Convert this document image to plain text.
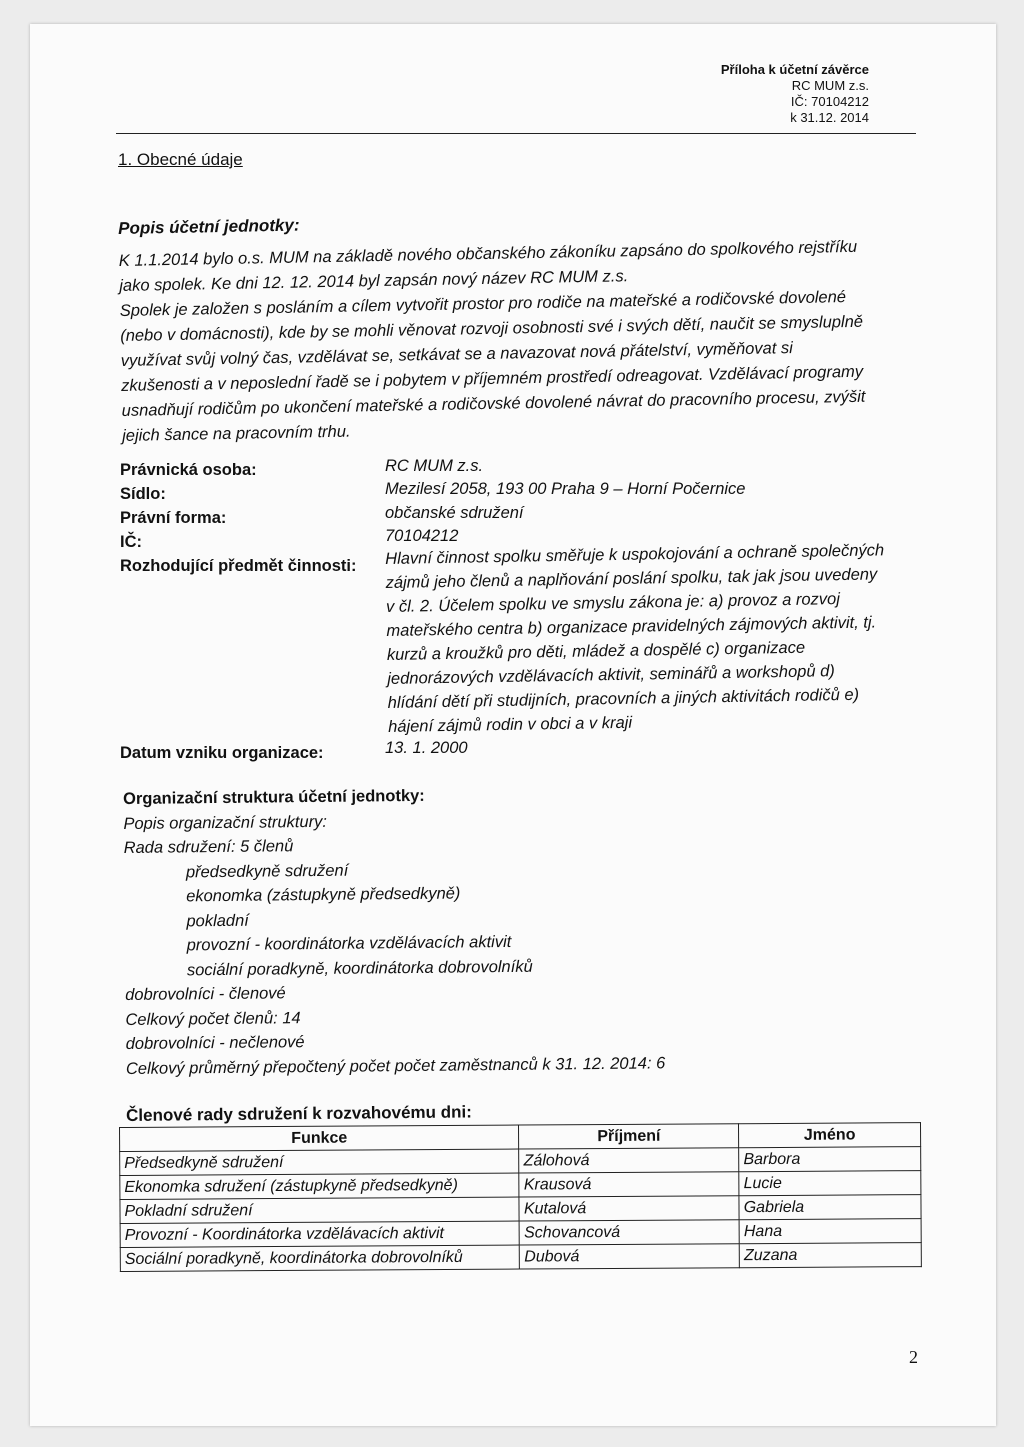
Příloha k účetní závěrce
RC MUM z.s.
IČ: 70104212
k 31.12. 2014
1. Obecné údaje

Popis účetní jednotky:

K 1.1.2014 bylo o.s. MUM na základě nového občanského zákoníku zapsáno do spolkového rejstříku
jako spolek. Ke dni 12. 12. 2014 byl zapsán nový název RC MUM z.s.
Spolek je založen s posláním a cílem vytvořit prostor pro rodiče na mateřské a rodičovské dovolené
(nebo v domácnosti), kde by se mohli věnovat rozvoji osobnosti své i svých dětí, naučit se smysluplně
využívat svůj volný čas, vzdělávat se, setkávat se a navazovat nová přátelství, vyměňovat si
zkušenosti a v neposlední řadě se i pobytem v příjemném prostředí odreagovat. Vzdělávací programy
usnadňují rodičům po ukončení mateřské a rodičovské dovolené návrat do pracovního procesu, zvýšit
jejich šance na pracovním trhu.
Právnická osoba:	RC MUM z.s.
Sídlo:	Mezilesí 2058, 193 00 Praha 9 – Horní Počernice
Právní forma:	občanské sdružení
IČ:	70104212
Rozhodující předmět činnosti: Hlavní činnost spolku směřuje k uspokojování a ochraně společných
zájmů jeho členů a naplňování poslání spolku, tak jak jsou uvedeny
v čl. 2. Účelem spolku ve smyslu zákona je: a) provoz a rozvoj
mateřského centra b) organizace pravidelných zájmových aktivit, tj.
kurzů a kroužků pro děti, mládež a dospělé c) organizace
jednorázových vzdělávacích aktivit, seminářů a workshopů d)
hlídání dětí při studijních, pracovních a jiných aktivitách rodičů e)
hájení zájmů rodin v obci a v kraji
Datum vzniku organizace:	13. 1. 2000
Organizační struktura účetní jednotky:
Popis organizační struktury:
Rada sdružení: 5 členů
předsedkyně sdružení
ekonomka (zástupkyně předsedkyně)
pokladní
provozní - koordinátorka vzdělávacích aktivit
sociální poradkyně, koordinátorka dobrovolníků
dobrovolníci - členové
Celkový počet členů: 14
dobrovolníci - nečlenové
Celkový průměrný přepočtený počet počet zaměstnanců k 31. 12. 2014: 6
Členové rady sdružení k rozvahovému dni:
Funkce	Příjmení	Jméno
Předsedkyně sdružení	Zálohová	Barbora
Ekonomka sdružení (zástupkyně předsedkyně)	Krausová	Lucie
Pokladní sdružení	Kutalová	Gabriela
Provozní - Koordinátorka vzdělávacích aktivit	Schovancová	Hana
Sociální poradkyně, koordinátorka dobrovolníků	Dubová	Zuzana
2
